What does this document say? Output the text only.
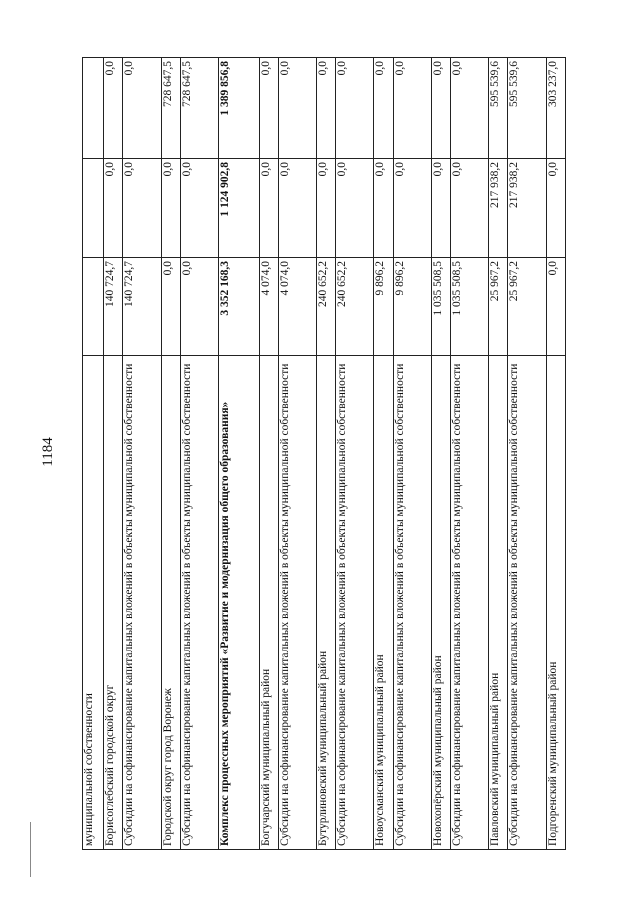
1184
муниципальной собственности			
Борисоглебский городской округ	140 724,7	0,0	0,0
Субсидии на софинансирование капитальных вложений в объекты муниципальной собственности	140 724,7	0,0	0,0
Городской округ город Воронеж	0,0	0,0	728 647,5
Субсидии на софинансирование капитальных вложений в объекты муниципальной собственности	0,0	0,0	728 647,5
Комплекс процессных мероприятий «Развитие и модернизация общего образования»	3 352 168,3	1 124 902,8	1 389 856,8
Богучарский муниципальный район	4 074,0	0,0	0,0
Субсидии на софинансирование капитальных вложений в объекты муниципальной собственности	4 074,0	0,0	0,0
Бутурлиновский муниципальный район	240 652,2	0,0	0,0
Субсидии на софинансирование капитальных вложений в объекты муниципальной собственности	240 652,2	0,0	0,0
Новоусманский муниципальный район	9 896,2	0,0	0,0
Субсидии на софинансирование капитальных вложений в объекты муниципальной собственности	9 896,2	0,0	0,0
Новохопёрский муниципальный район	1 035 508,5	0,0	0,0
Субсидии на софинансирование капитальных вложений в объекты муниципальной собственности	1 035 508,5	0,0	0,0
Павловский муниципальный район	25 967,2	217 938,2	595 539,6
Субсидии на софинансирование капитальных вложений в объекты муниципальной собственности	25 967,2	217 938,2	595 539,6
Подгоренский муниципальный район	0,0	0,0	303 237,0
